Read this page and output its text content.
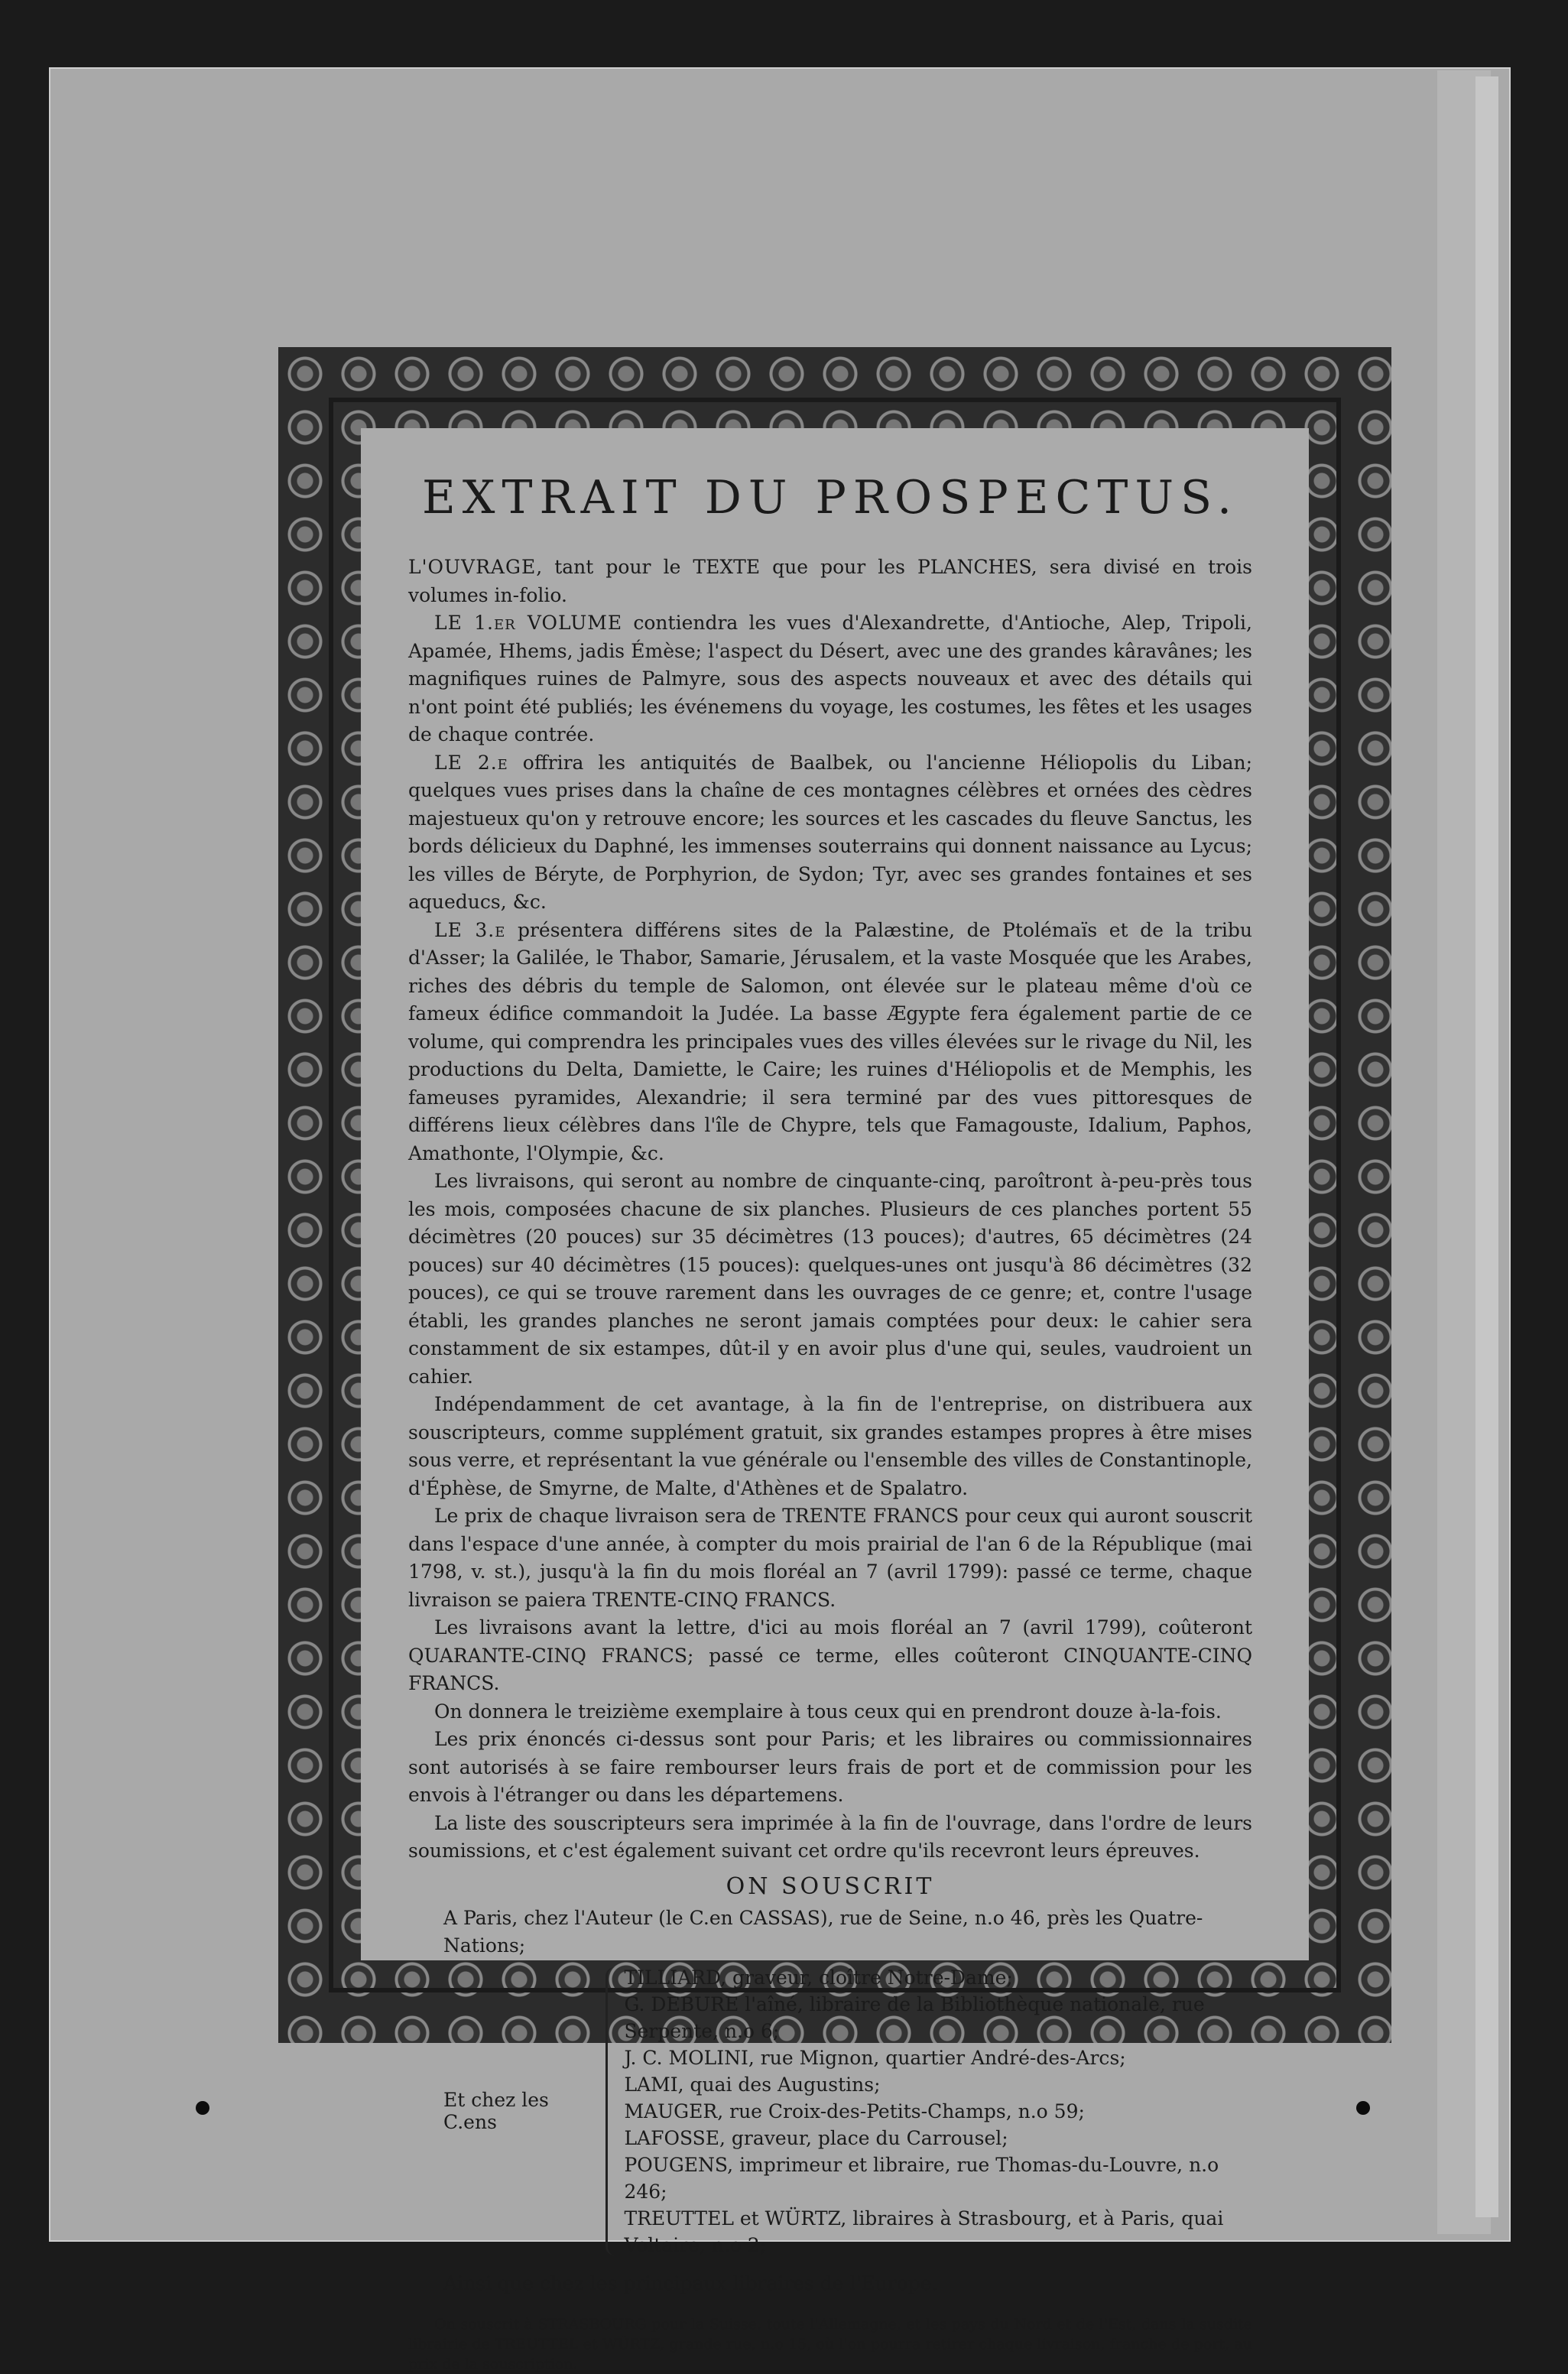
EXTRAIT DU PROSPECTUS.

L'OUVRAGE, tant pour le TEXTE que pour les PLANCHES, sera divisé en trois volumes in-folio.

LE 1.er VOLUME contiendra les vues d'Alexandrette, d'Antioche, Alep, Tripoli, Apamée, Hhems, jadis Émèse; l'aspect du Désert, avec une des grandes kâravânes; les magnifiques ruines de Palmyre, sous des aspects nouveaux et avec des détails qui n'ont point été publiés; les événemens du voyage, les costumes, les fêtes et les usages de chaque contrée.

LE 2.e offrira les antiquités de Baalbek, ou l'ancienne Héliopolis du Liban; quelques vues prises dans la chaîne de ces montagnes célèbres et ornées des cèdres majestueux qu'on y retrouve encore; les sources et les cascades du fleuve Sanctus, les bords délicieux du Daphné, les immenses souterrains qui donnent naissance au Lycus; les villes de Béryte, de Porphyrion, de Sydon; Tyr, avec ses grandes fontaines et ses aqueducs, &c.

LE 3.e présentera différens sites de la Palæstine, de Ptolémaïs et de la tribu d'Asser; la Galilée, le Thabor, Samarie, Jérusalem, et la vaste Mosquée que les Arabes, riches des débris du temple de Salomon, ont élevée sur le plateau même d'où ce fameux édifice commandoit la Judée. La basse Ægypte fera également partie de ce volume, qui comprendra les principales vues des villes élevées sur le rivage du Nil, les productions du Delta, Damiette, le Caire; les ruines d'Héliopolis et de Memphis, les fameuses pyramides, Alexandrie; il sera terminé par des vues pittoresques de différens lieux célèbres dans l'île de Chypre, tels que Famagouste, Idalium, Paphos, Amathonte, l'Olympie, &c.

Les livraisons, qui seront au nombre de cinquante-cinq, paroîtront à-peu-près tous les mois, composées chacune de six planches. Plusieurs de ces planches portent 55 décimètres (20 pouces) sur 35 décimètres (13 pouces); d'autres, 65 décimètres (24 pouces) sur 40 décimètres (15 pouces): quelques-unes ont jusqu'à 86 décimètres (32 pouces), ce qui se trouve rarement dans les ouvrages de ce genre; et, contre l'usage établi, les grandes planches ne seront jamais comptées pour deux: le cahier sera constamment de six estampes, dût-il y en avoir plus d'une qui, seules, vaudroient un cahier.

Indépendamment de cet avantage, à la fin de l'entreprise, on distribuera aux souscripteurs, comme supplément gratuit, six grandes estampes propres à être mises sous verre, et représentant la vue générale ou l'ensemble des villes de Constantinople, d'Éphèse, de Smyrne, de Malte, d'Athènes et de Spalatro.

Le prix de chaque livraison sera de TRENTE FRANCS pour ceux qui auront souscrit dans l'espace d'une année, à compter du mois prairial de l'an 6 de la République (mai 1798, v. st.), jusqu'à la fin du mois floréal an 7 (avril 1799): passé ce terme, chaque livraison se paiera TRENTE-CINQ FRANCS.

Les livraisons avant la lettre, d'ici au mois floréal an 7 (avril 1799), coûteront QUARANTE-CINQ FRANCS; passé ce terme, elles coûteront CINQUANTE-CINQ FRANCS.

On donnera le treizième exemplaire à tous ceux qui en prendront douze à-la-fois.

Les prix énoncés ci-dessus sont pour Paris; et les libraires ou commissionnaires sont autorisés à se faire rembourser leurs frais de port et de commission pour les envois à l'étranger ou dans les départemens.

La liste des souscripteurs sera imprimée à la fin de l'ouvrage, dans l'ordre de leurs soumissions, et c'est également suivant cet ordre qu'ils recevront leurs épreuves.

ON SOUSCRIT
A Paris, chez l'Auteur (le C.en CASSAS), rue de Seine, n.o 46, près les Quatre-Nations;
Et chez les C.ens
TILLIARD, graveur, cloître Notre-Dame;
G. DEBURE l'aîné, libraire de la Bibliothèque nationale, rue Serpente, n.o 6;
J. C. MOLINI, rue Mignon, quartier André-des-Arcs;
LAMI, quai des Augustins;
MAUGER, rue Croix-des-Petits-Champs, n.o 59;
LAFOSSE, graveur, place du Carrousel;
POUGENS, imprimeur et libraire, rue Thomas-du-Louvre, n.o 246;
TREUTTEL et WÜRTZ, libraires à Strasbourg, et à Paris, quai Voltaire, n.o 2;
Ainsi que chez les principaux libraires de l'Europe.
On souscrit à STRASBOURG pour la Suisse, toute l'Allemagne, et les pays du Nord et de l'Est, dans la susdite librairie de TREUTTEL et WÜRTZ, grande rue, n.o 15, où l'on pourra retirer chaque livraison, franche de port, au prix de la souscription.
